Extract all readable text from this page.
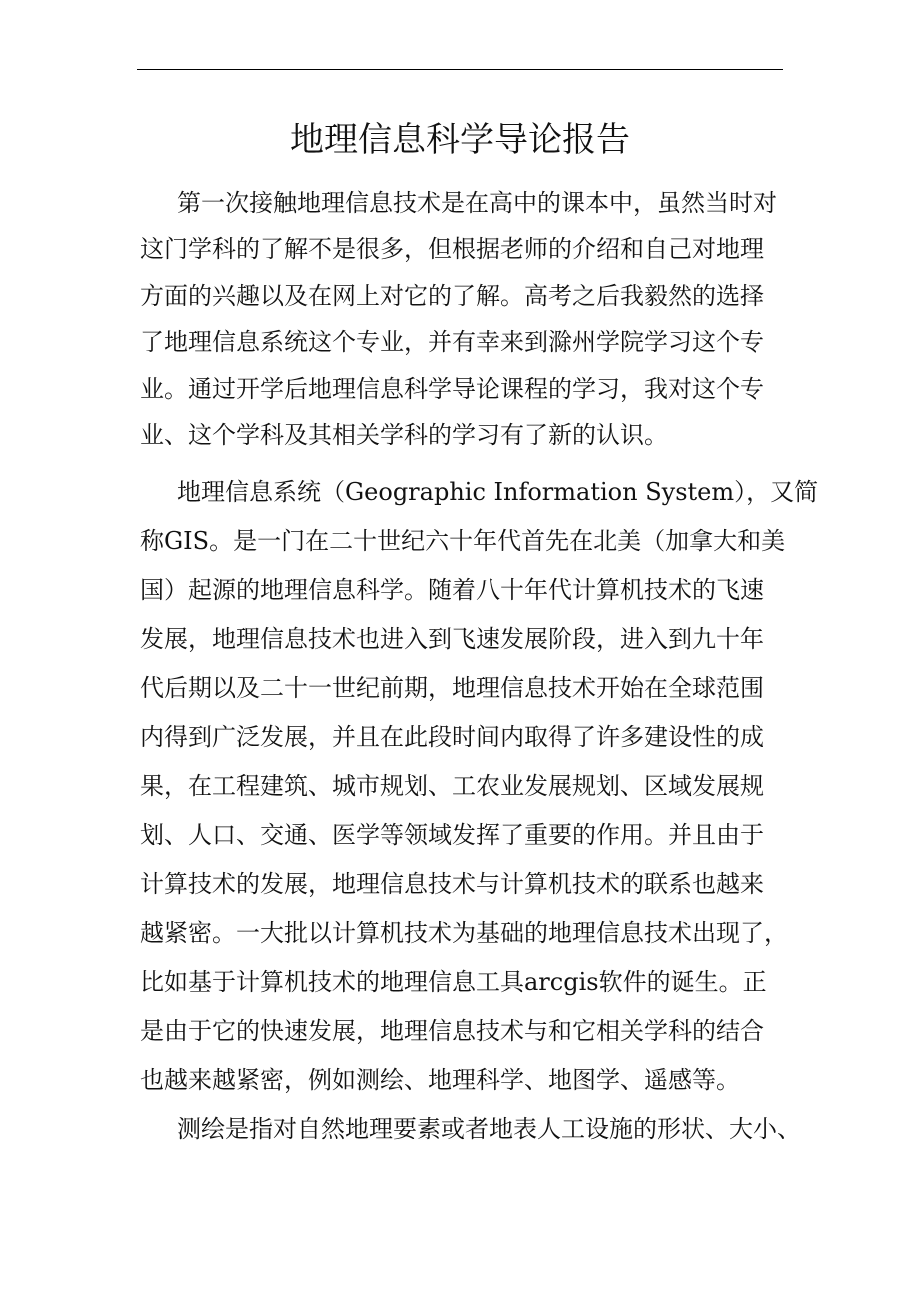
地理信息科学导论报告
第一次接触地理信息技术是在高中的课本中，虽然当时对
这门学科的了解不是很多，但根据老师的介绍和自己对地理
方面的兴趣以及在网上对它的了解。高考之后我毅然的选择
了地理信息系统这个专业，并有幸来到滁州学院学习这个专
业。通过开学后地理信息科学导论课程的学习，我对这个专
业、这个学科及其相关学科的学习有了新的认识。
地理信息系统（Geographic Information System），又简
称GIS。是一门在二十世纪六十年代首先在北美（加拿大和美
国）起源的地理信息科学。随着八十年代计算机技术的飞速
发展，地理信息技术也进入到飞速发展阶段，进入到九十年
代后期以及二十一世纪前期，地理信息技术开始在全球范围
内得到广泛发展，并且在此段时间内取得了许多建设性的成
果，在工程建筑、城市规划、工农业发展规划、区域发展规
划、人口、交通、医学等领域发挥了重要的作用。并且由于
计算技术的发展，地理信息技术与计算机技术的联系也越来
越紧密。一大批以计算机技术为基础的地理信息技术出现了，
比如基于计算机技术的地理信息工具arcgis软件的诞生。正
是由于它的快速发展，地理信息技术与和它相关学科的结合
也越来越紧密，例如测绘、地理科学、地图学、遥感等。
测绘是指对自然地理要素或者地表人工设施的形状、大小、
